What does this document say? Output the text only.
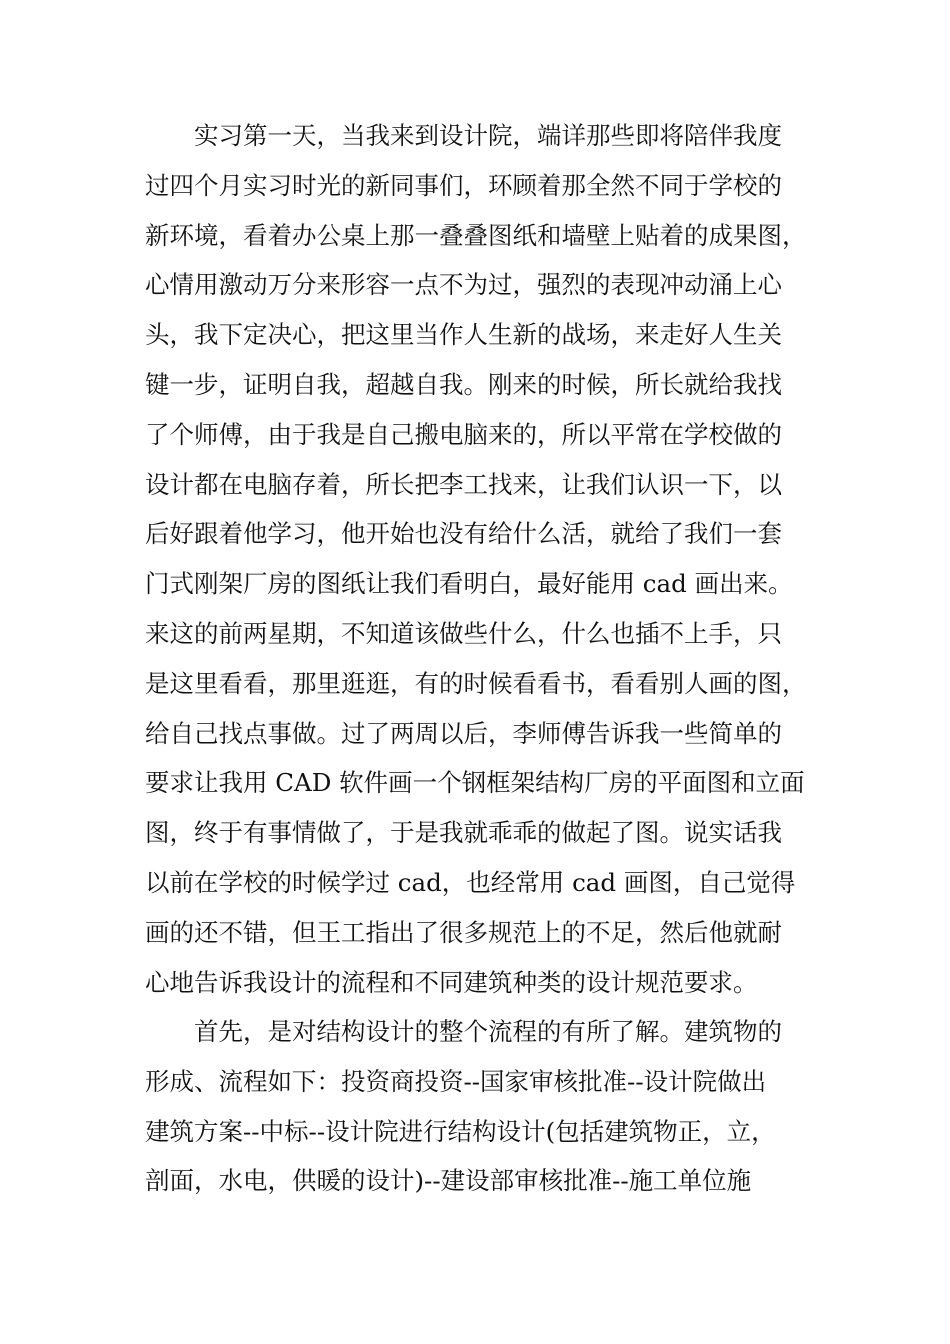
实习第一天，当我来到设计院，端详那些即将陪伴我度
过四个月实习时光的新同事们，环顾着那全然不同于学校的
新环境，看着办公桌上那一叠叠图纸和墙壁上贴着的成果图，
心情用激动万分来形容一点不为过，强烈的表现冲动涌上心
头，我下定决心，把这里当作人生新的战场，来走好人生关
键一步，证明自我，超越自我。刚来的时候，所长就给我找
了个师傅，由于我是自己搬电脑来的，所以平常在学校做的
设计都在电脑存着，所长把李工找来，让我们认识一下，以
后好跟着他学习，他开始也没有给什么活，就给了我们一套
门式刚架厂房的图纸让我们看明白，最好能用 cad 画出来。
来这的前两星期，不知道该做些什么，什么也插不上手，只
是这里看看，那里逛逛，有的时候看看书，看看别人画的图，
给自己找点事做。过了两周以后，李师傅告诉我一些简单的
要求让我用 CAD 软件画一个钢框架结构厂房的平面图和立面
图，终于有事情做了，于是我就乖乖的做起了图。说实话我
以前在学校的时候学过 cad，也经常用 cad 画图，自己觉得
画的还不错，但王工指出了很多规范上的不足，然后他就耐
心地告诉我设计的流程和不同建筑种类的设计规范要求。
首先，是对结构设计的整个流程的有所了解。建筑物的
形成、流程如下：投资商投资--国家审核批准--设计院做出
建筑方案--中标--设计院进行结构设计(包括建筑物正，立，
剖面，水电，供暖的设计)--建设部审核批准--施工单位施
